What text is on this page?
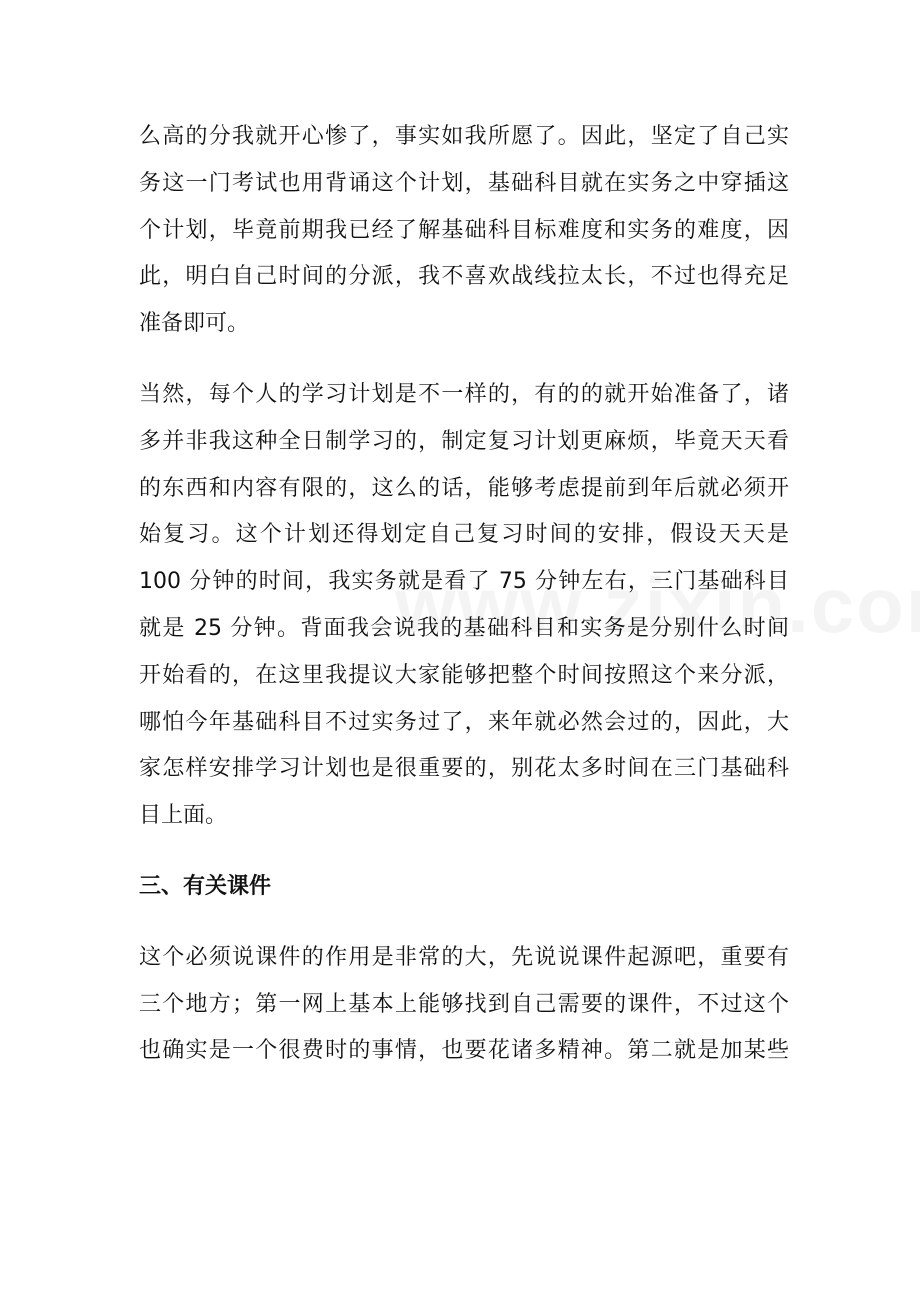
么高的分我就开心惨了，事实如我所愿了。因此，坚定了自己实
务这一门考试也用背诵这个计划，基础科目就在实务之中穿插这
个计划，毕竟前期我已经了解基础科目标难度和实务的难度，因
此，明白自己时间的分派，我不喜欢战线拉太长，不过也得充足
准备即可。
当然，每个人的学习计划是不一样的，有的的就开始准备了，诸
多并非我这种全日制学习的，制定复习计划更麻烦，毕竟天天看
的东西和内容有限的，这么的话，能够考虑提前到年后就必须开
始复习。这个计划还得划定自己复习时间的安排，假设天天是
100 分钟的时间，我实务就是看了 75 分钟左右，三门基础科目
就是 25 分钟。背面我会说我的基础科目和实务是分别什么时间
开始看的，在这里我提议大家能够把整个时间按照这个来分派，
哪怕今年基础科目不过实务过了，来年就必然会过的，因此，大
家怎样安排学习计划也是很重要的，别花太多时间在三门基础科
目上面。
三、有关课件
这个必须说课件的作用是非常的大，先说说课件起源吧，重要有
三个地方；第一网上基本上能够找到自己需要的课件，不过这个
也确实是一个很费时的事情，也要花诸多精神。第二就是加某些
